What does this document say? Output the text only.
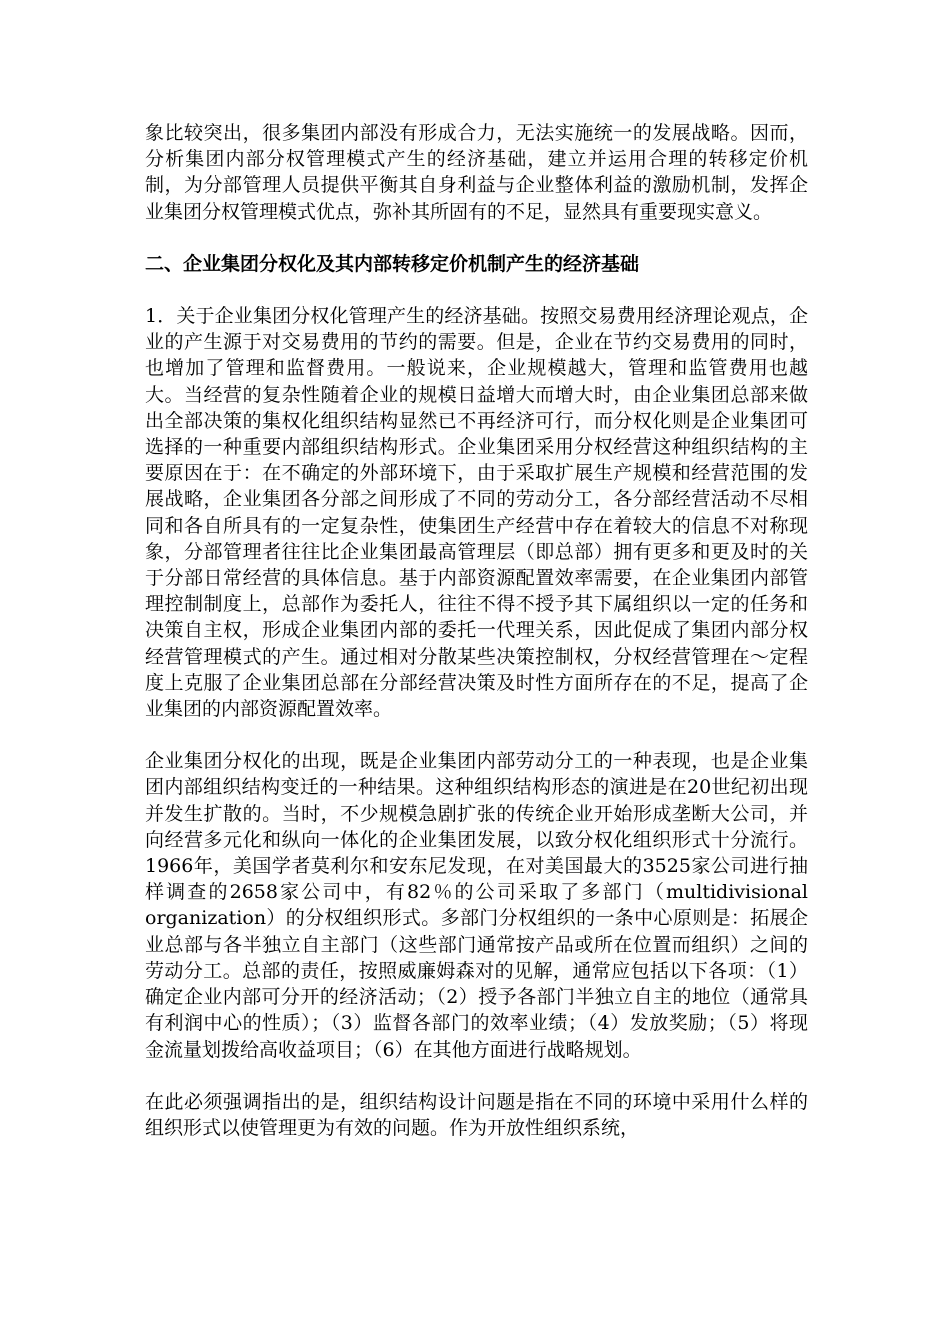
象比较突出，很多集团内部没有形成合力，无法实施统一的发展战略。因而，分析集团内部分权管理模式产生的经济基础，建立并运用合理的转移定价机制，为分部管理人员提供平衡其自身利益与企业整体利益的激励机制，发挥企业集团分权管理模式优点，弥补其所固有的不足，显然具有重要现实意义。

二、企业集团分权化及其内部转移定价机制产生的经济基础

1．关于企业集团分权化管理产生的经济基础。按照交易费用经济理论观点，企业的产生源于对交易费用的节约的需要。但是，企业在节约交易费用的同时，也增加了管理和监督费用。一般说来，企业规模越大，管理和监管费用也越大。当经营的复杂性随着企业的规模日益增大而增大时，由企业集团总部来做出全部决策的集权化组织结构显然已不再经济可行，而分权化则是企业集团可选择的一种重要内部组织结构形式。企业集团采用分权经营这种组织结构的主要原因在于：在不确定的外部环境下，由于采取扩展生产规模和经营范围的发展战略，企业集团各分部之间形成了不同的劳动分工，各分部经营活动不尽相同和各自所具有的一定复杂性，使集团生产经营中存在着较大的信息不对称现象，分部管理者往往比企业集团最高管理层（即总部）拥有更多和更及时的关于分部日常经营的具体信息。基于内部资源配置效率需要，在企业集团内部管理控制制度上，总部作为委托人，往往不得不授予其下属组织以一定的任务和决策自主权，形成企业集团内部的委托一代理关系，因此促成了集团内部分权经营管理模式的产生。通过相对分散某些决策控制权，分权经营管理在～定程度上克服了企业集团总部在分部经营决策及时性方面所存在的不足，提高了企业集团的内部资源配置效率。

企业集团分权化的出现，既是企业集团内部劳动分工的一种表现，也是企业集团内部组织结构变迁的一种结果。这种组织结构形态的演进是在20世纪初出现并发生扩散的。当时，不少规模急剧扩张的传统企业开始形成垄断大公司，并向经营多元化和纵向一体化的企业集团发展，以致分权化组织形式十分流行。1966年，美国学者莫利尔和安东尼发现，在对美国最大的3525家公司进行抽样调查的2658家公司中，有82％的公司采取了多部门（multidivisional organization）的分权组织形式。多部门分权组织的一条中心原则是：拓展企业总部与各半独立自主部门（这些部门通常按产品或所在位置而组织）之间的劳动分工。总部的责任，按照威廉姆森对的见解，通常应包括以下各项：（1）确定企业内部可分开的经济活动；（2）授予各部门半独立自主的地位（通常具有利润中心的性质）；（3）监督各部门的效率业绩；（4）发放奖励；（5）将现金流量划拨给高收益项目；（6）在其他方面进行战略规划。

在此必须强调指出的是，组织结构设计问题是指在不同的环境中采用什么样的组织形式以使管理更为有效的问题。作为开放性组织系统，
